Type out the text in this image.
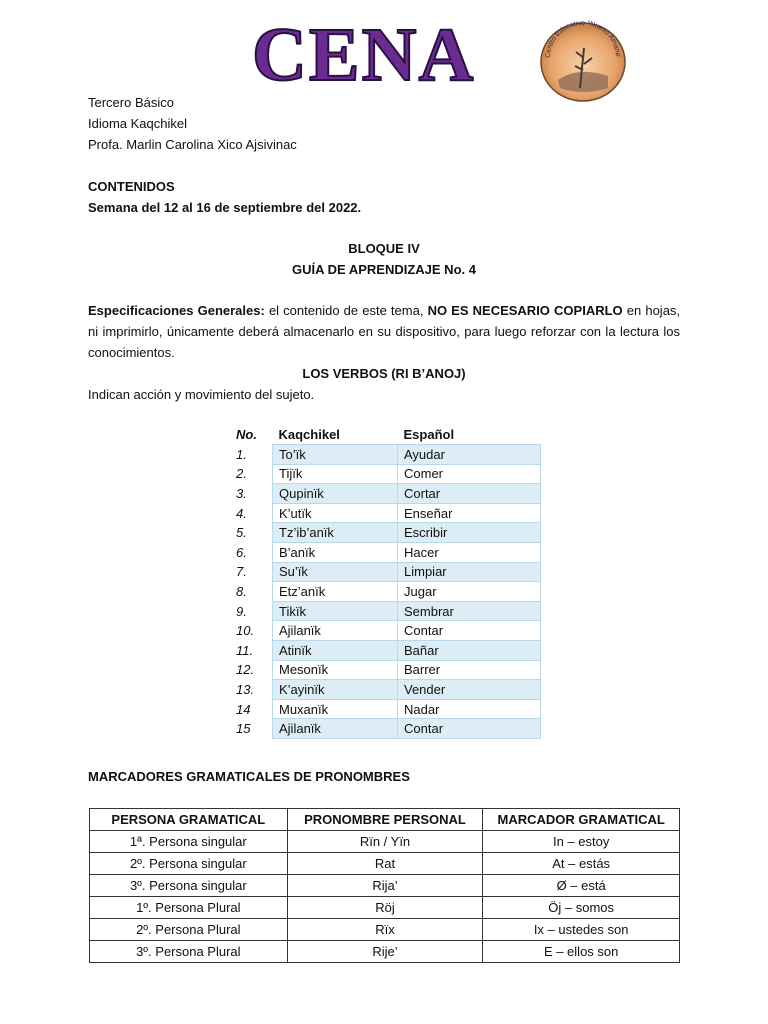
CENA	Centro Educativo "Nuevo Amane
Tercero Básico
Idioma Kaqchikel
Profa. Marlin Carolina Xico Ajsivinac
CONTENIDOS
Semana del 12 al 16 de septiembre del 2022.
BLOQUE IV
GUÍA DE APRENDIZAJE No. 4
Especificaciones Generales: el contenido de este tema, NO ES NECESARIO COPIARLO en hojas, ni imprimirlo, únicamente deberá almacenarlo en su dispositivo, para luego reforzar con la lectura los conocimientos.
LOS VERBOS (RI B’ANOJ)
Indican acción y movimiento del sujeto.
No.	Kaqchikel	Español
1.	To’ïk	Ayudar
2.	Tijïk	Comer
3.	Qupinïk	Cortar
4.	K’utïk	Enseñar
5.	Tz’ib’anïk	Escribir
6.	B’anïk	Hacer
7.	Su’ïk	Limpiar
8.	Etz’anïk	Jugar
9.	Tikïk	Sembrar
10.	Ajilanïk	Contar
11.	Atinïk	Bañar
12.	Mesonïk	Barrer
13.	K’ayinïk	Vender
14	Muxanïk	Nadar
15	Ajilanïk	Contar
MARCADORES GRAMATICALES DE PRONOMBRES
PERSONA GRAMATICAL	PRONOMBRE PERSONAL	MARCADOR GRAMATICAL
1ª. Persona singular	Rïn / Yïn	In – estoy
2º. Persona singular	Rat	At – estás
3º. Persona singular	Rija’	Ø – está
1º. Persona Plural	Röj	Öj – somos
2º. Persona Plural	Rïx	Ix – ustedes son
3º. Persona Plural	Rije’	E – ellos son
